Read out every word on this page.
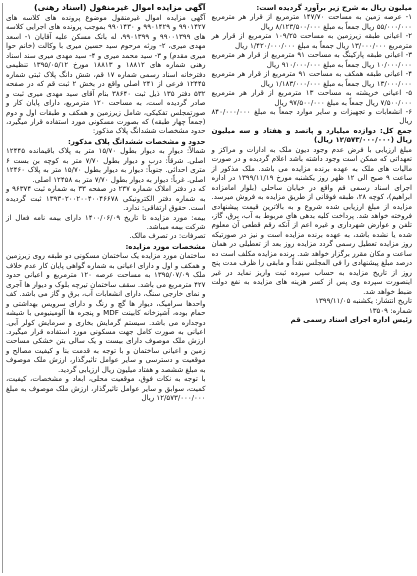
آگهی مزایده اموال غیرمنقول (اسناد رهنی)

آگهی مزایده اموال غیرمنقول موضوع پرونده های کلاسه های ۹۹۰۱۴۲۷ و ۹۹۰۱۴۲۹ و ۹۹۰۱۴۳۰ بموجب پرونده های اجرایی کلاسه های ۹۹۰۰۱۳۹۹ و ۹۹۰۱۳۹۹، له بانک مسکن علیه آقایان ۱- اسعد مهدی میری، ۲- ورثه مرحوم سید حسین میری با وکالت (خانم حوا میری مقدم) و ۳- سید محمد میری و ۴- سید مهدی میری سند اسناد رهنی شماره های ۱۸۸۱۲ و ۱۸۸۱۳ مورخ ۱۳۹۵/۰۵/۱۲ تنظیمی دفترخانه اسناد رسمی شماره ۱۷ قم، شش دانگ پلاک ثبتی شماره ۱۲۴۴۵ فرعی از ۲۴۱ اصلی واقع در بخش ۲ ثبت قم که در صفحه ۵۳۲ دفتر ۱۳۵ ذیل ثبت ۳۸۶۴۰ بنام آقای سید مهدی میری ثبت و صادر گردیده است، به مساحت ۱۲۰ مترمربع، دارای پایان کار و صورتمجلس تفکیکی، شامل زیرزمین و همکف و طبقات اول و دوم (جمعاً چهار طبقه) که بصورت مسکونی مورد استفاده قرار میگیرد، حدود مشخصات ششدانگ پلاک مذکور:

حدود و مشخصات ششدانگ پلاک مذکور:

شمالاً: دیوار به دیوار بطول ۱۵/۷۰ متر به پلاک باقیمانده ۱۲۴۴۵ اصلی. شرقاً: درب و دیوار بطول ۷/۷۰ متر به کوچه بن بست ۶ متری احداثی. جنوباً: دیوار به دیوار بطول ۱۵/۷۰ متر به پلاک ۱۲۴۶۰ اصلی. غرباً: دیوار به دیوار بطول ۷/۷۰ متر به ۱۲۴۵۸ اصلی.

که در دفتر املاک شماره ۲۳۷ در صفحه ۳۳ به شماره ثبت ۹۶۳۷۴ و به شماره دفتر الکترونیکی ۱۳۹۳۰۲۰۰۲۰۰۴۰۰۴۶۶۷۸ ثبت گردیده است. حقوق ارتفاقی: ندارد.

بیمه: مورد مزایده تا تاریخ ۱۴۰۰/۰۶/۰۹ دارای بیمه نامه فعال از شرکت بیمه میباشد.

تصرفات: در تصرف مالک.

مشخصات مورد مزایده:

ساختمان مورد مزایده یک ساختمان مسکونی دو طبقه روی زیرزمین و همکف و اول و دارای اعیانی به شماره گواهی پایان کار عدم خلاف ملک ۱۳۹۵/۰۷/۰۹ به مساحت عرصه ۱۲۰ مترمربع و اعیانی حدود ۴۲۷ مترمربع می باشد. سقف ساختمان تیرچه بلوک و دیوار ها آجری و نمای خارجی سنگ، دارای انشعابات آب، برق و گاز می باشد. کف واحدها سرامیک، دیوار ها گچ و رنگ و دارای سرویس بهداشتی و حمام بوده، آشپزخانه کابینت MDF و پنجره ها آلومینیومی با شیشه دوجداره می باشد. سیستم گرمایش بخاری و سرمایش کولر آبی. اعیانی به صورت کامل جهت مسکونی مورد استفاده قرار میگیرد. ارزش ملک موصوف دارای بیست و یک سالی بتن خشکی مساحت زمین و اعیانی ساختمان و با توجه به قدمت بنا و کیفیت مصالح و موقعیت و دسترسی و سایر عوامل تاثیرگذار، ارزش ملک موصوف به مبلغ ششصد و هفتاد میلیون ریال ارزیابی گردید.

با توجه به نکات فوق، موقعیت محلی، ابعاد و مشخصات، کیفیت، کمیت، سوابق و سایر عوامل تاثیرگذار، ارزش ملک موصوف به مبلغ ۱۲/۵۷۳/۰۰۰/۰۰۰ ریال

میلیون ریال به شرح زیر برآورد گردیده است:
۱- عرصه زمین به مساحت ۱۴۷/۷۰ مترمربع از قرار هر مترمربع ۵۵/۰۰۰/۰۰۰ ریال جمعاً به مبلغ ۸/۱۲۳/۵۰۰/۰۰۰ ریال
۲- اعیانی طبقه زیرزمین به مساحت ۱۰۹/۲۵ مترمربع از قرار هر مترمربع ۱۳/۰۰۰/۰۰۰ ریال جمعاً به مبلغ ۱/۴۲۰/۰۰۰/۰۰۰ ریال
۳- اعیانی طبقه پارکینگ به مساحت ۹۱ مترمربع از قرار هر مترمربع ۱۰/۰۰۰/۰۰۰ ریال جمعاً به مبلغ ۹۱۰/۰۰۰/۰۰۰ ریال
۴- اعیانی طبقه همکف به مساحت ۹۱ مترمربع از قرار هر مترمربع ۱۳/۰۰۰/۰۰۰ ریال جمعاً به مبلغ ۱/۱۸۳/۰۰۰/۰۰۰ ریال
۵- اعیانی خرپشته به مساحت ۱۳ مترمربع از قرار هر مترمربع ۷/۵۰۰/۰۰۰ ریال جمعاً به مبلغ ۹۷/۵۰۰/۰۰۰ ریال
۶- انشعابات و تجهیزات و سایر موارد جمعاً به مبلغ ۸۴۰/۰۰۰/۰۰۰ ریال
جمع کل: دوازده میلیارد و پانصد و هفتاد و سه میلیون ریال (۱۲/۵۷۳/۰۰۰/۰۰۰ ریال)

مبلغ ارزیابی با فرض عدم وجود دیون ملک به ادارات و مراکز و تعهداتی که ممکن است وجود داشته باشد اعلام گردیده و در صورت مالیات های ملک به عهده برنده مزایده می باشد. ملک مذکور از ساعت ۹ صبح الی ۱۲ ظهر روز یکشنبه مورخ ۱۳۹۹/۱۱/۱۹ در اداره اجرای اسناد رسمی قم واقع در خیابان ساحلی (بلوار امامزاده ابراهیم)، کوچه ۲۸، طبقه فوقانی از طریق مزایده به فروش میرسد. مزایده از مبلغ ارزیابی شده شروع و به بالاترین قیمت پیشنهادی فروخته خواهد شد. پرداخت کلیه بدهی های مربوط به آب، برق، گاز، تلفن و عوارض شهرداری و غیره اعم از آنکه رقم قطعی آن معلوم شده یا نشده باشد، به عهده برنده مزایده است و نیز در صورتیکه روز مزایده تعطیل رسمی گردد مزایده روز بعد از تعطیلی در همان ساعت و مکان مقرر برگزار خواهد شد. برنده مزایده مکلف است ده درصد مبلغ پیشنهادی را فی المجلس نقداً و مابقی را ظرف مدت پنج روز از تاریخ مزایده به حساب سپرده ثبت واریز نماید در غیر اینصورت سپرده وی پس از کسر هزینه های مزایده به نفع دولت ضبط خواهد شد.

تاریخ انتشار: یکشنبه ۱۳۹۹/۱۱/۰۵
شماره: ۱۳۵۰۹
رئیس اداره اجرای اسناد رسمی قم
